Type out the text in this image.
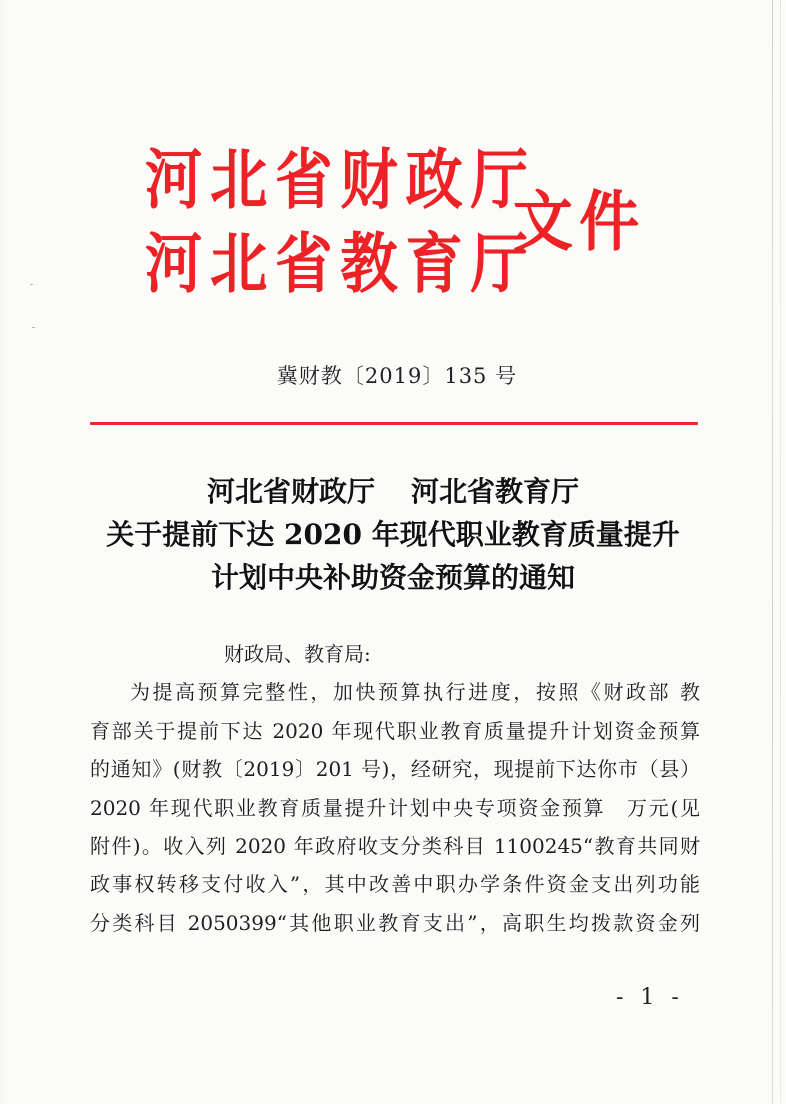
河北省财政厅
河北省教育厅
文件
冀财教〔2019〕135 号
河北省财政厅 河北省教育厅
关于提前下达 2020 年现代职业教育质量提升
计划中央补助资金预算的通知

财政局、教育局:

为提高预算完整性，加快预算执行进度，按照《财政部 教

育部关于提前下达 2020 年现代职业教育质量提升计划资金预算

的通知》(财教〔2019〕201 号)，经研究，现提前下达你市（县）

2020 年现代职业教育质量提升计划中央专项资金预算　万元(见

附件)。收入列 2020 年政府收支分类科目 1100245“教育共同财

政事权转移支付收入”，其中改善中职办学条件资金支出列功能

分类科目 2050399“其他职业教育支出”，高职生均拨款资金列

- 1 -
